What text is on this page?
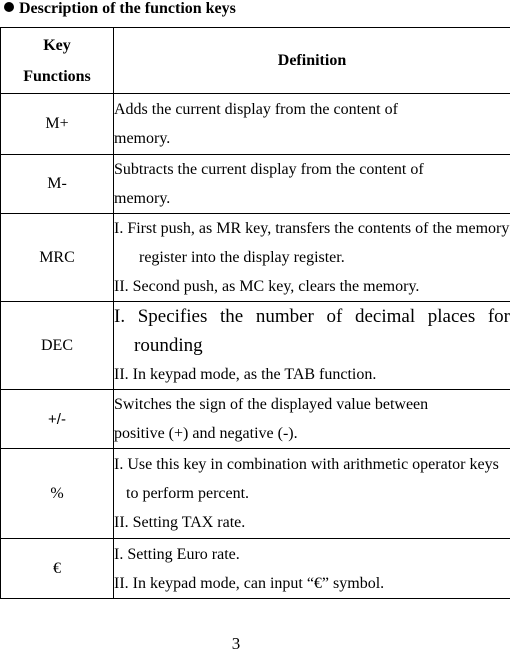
Description of the function keys
Key
Functions	Definition
M+	Adds the current display from the content of
memory.

M-	Subtracts the current display from the content of
memory.

MRC	I. First push, as MR key, transfers the contents of the memory register into the display register.
II. Second push, as MC key, clears the memory.

DEC	I. Specifies the number of decimal places for rounding
II. In keypad mode, as the TAB function.

+/-	Switches the sign of the displayed value between
positive (+) and negative (-).

%	I. Use this key in combination with arithmetic operator keys to perform percent.
II. Setting TAX rate.

€	I. Setting Euro rate.
II. In keypad mode, can input “€” symbol.
3
